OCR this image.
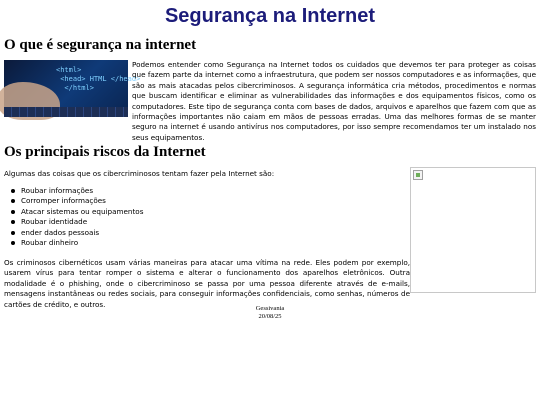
Segurança na Internet
O que é segurança na internet
<html>
<head> HTML </head>
</html>

Podemos entender como Segurança na Internet todos os cuidados que devemos ter para proteger as coisas que fazem parte da internet como a infraestrutura, que podem ser nossos computadores e as informações, que são as mais atacadas pelos cibercriminosos. A segurança informática cria métodos, procedimentos e normas que buscam identificar e eliminar as vulnerabilidades das informações e dos equipamentos físicos, como os computadores. Este tipo de segurança conta com bases de dados, arquivos e aparelhos que fazem com que as informações importantes não caiam em mãos de pessoas erradas. Uma das melhores formas de se manter seguro na internet é usando antivírus nos computadores, por isso sempre recomendamos ter um instalado nos seus equipamentos.

Os principais riscos da Internet

Algumas das coisas que os cibercriminosos tentam fazer pela Internet são:

Roubar informações
Corromper informações
Atacar sistemas ou equipamentos
Roubar identidade
ender dados pessoais
Roubar dinheiro

Os criminosos cibernéticos usam várias maneiras para atacar uma vítima na rede. Eles podem por exemplo, usarem vírus para tentar romper o sistema e alterar o funcionamento dos aparelhos eletrônicos. Outra modalidade é o phishing, onde o cibercriminoso se passa por uma pessoa diferente através de e-mails, mensagens instantâneas ou redes sociais, para conseguir informações confidenciais, como senhas, números de cartões de crédito, e outros.	Gessivania
20/08/25
